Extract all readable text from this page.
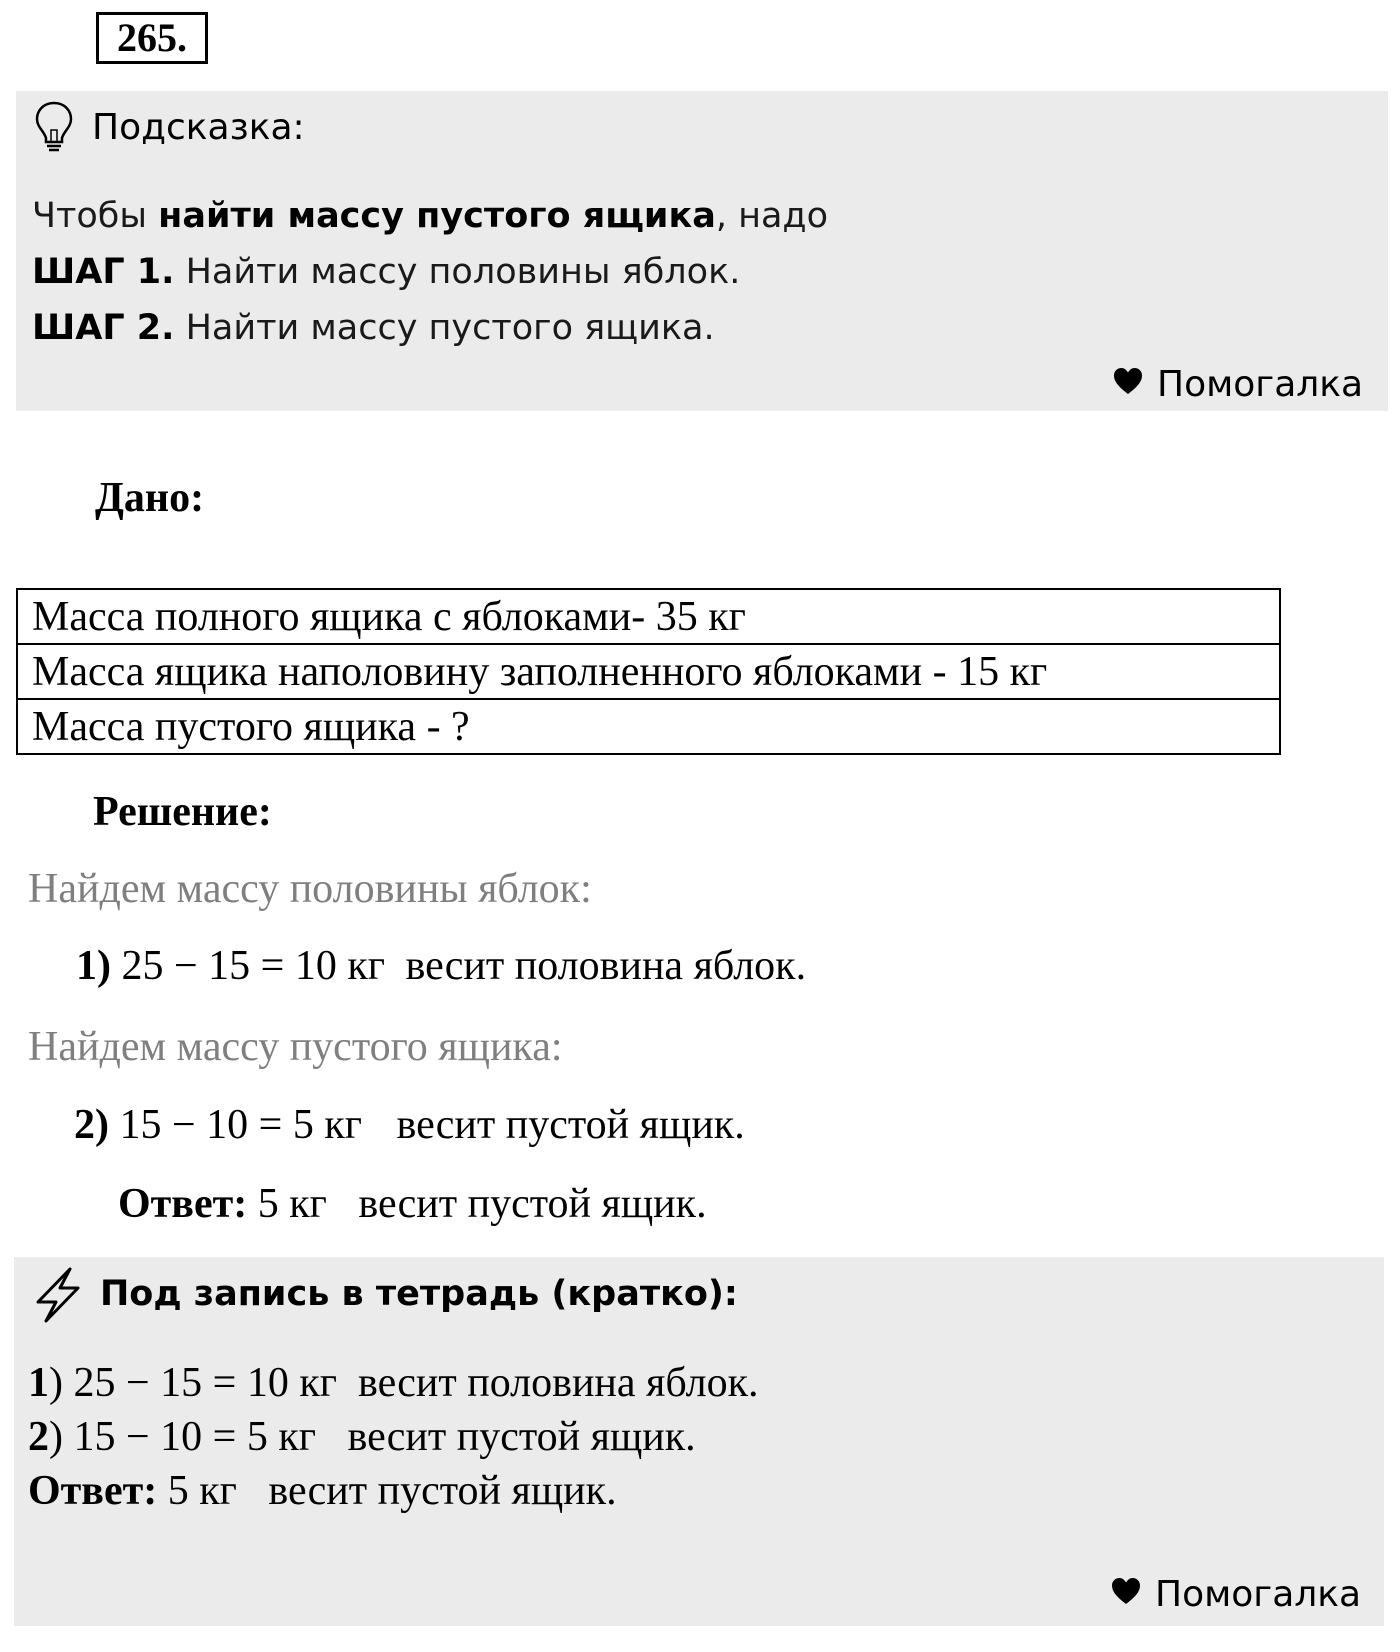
265.
Подсказка:
Чтобы найти массу пустого ящика, надо
ШАГ 1. Найти массу половины яблок.
ШАГ 2. Найти массу пустого ящика.
Помогалка
Дано:
Масса полного ящика с яблоками- 35 кг
Масса ящика наполовину заполненного яблоками - 15 кг
Масса пустого ящика - ?
Решение:
Найдем массу половины яблок:
1) 25 − 15 = 10 кг весит половина яблок.
Найдем массу пустого ящика:
2) 15 − 10 = 5 кг весит пустой ящик.
Ответ: 5 кг   весит пустой ящик.
Под запись в тетрадь (кратко):
1) 25 − 15 = 10 кг  весит половина яблок.
2) 15 − 10 = 5 кг   весит пустой ящик.
Ответ: 5 кг   весит пустой ящик.
Помогалка
